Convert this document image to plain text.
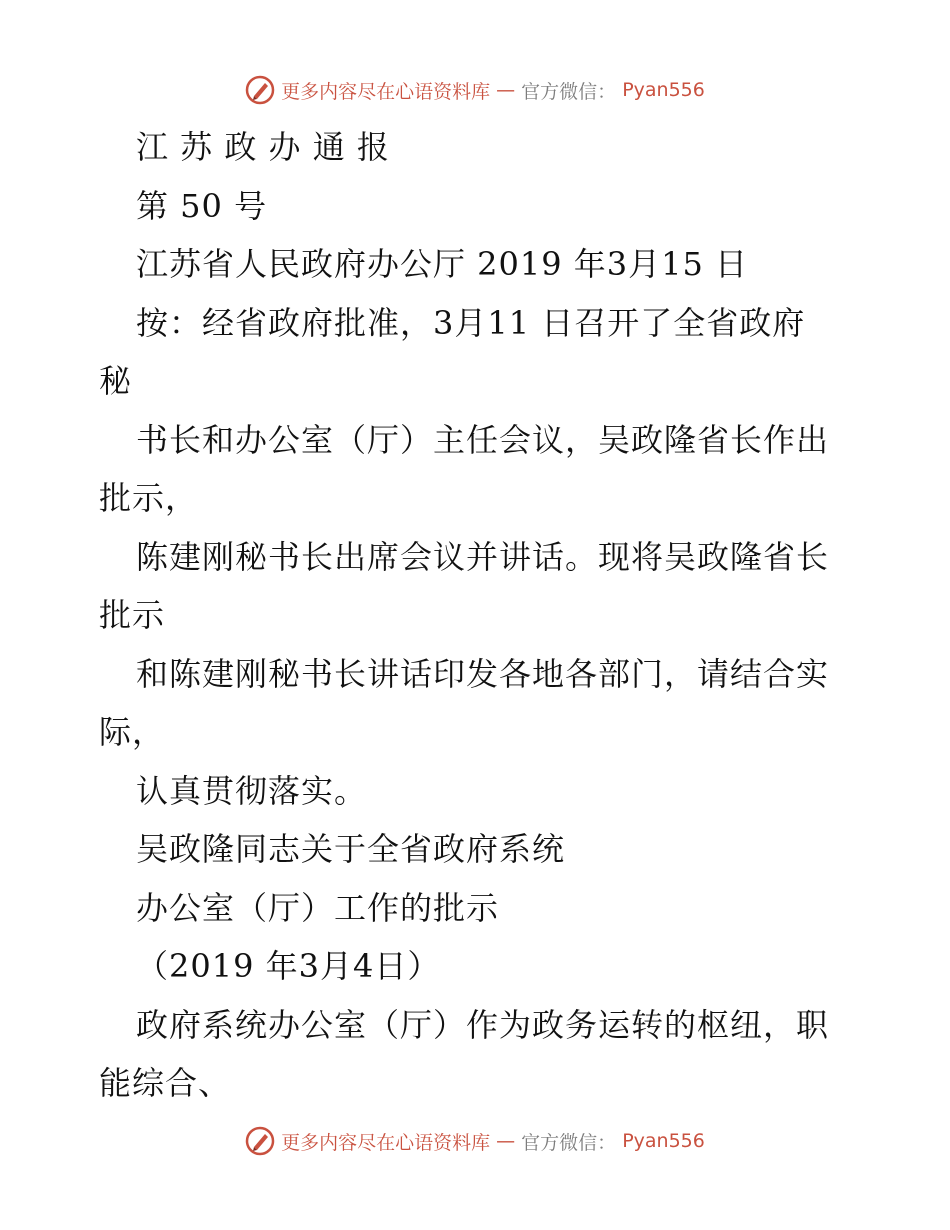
更多内容尽在心语资料库 — 官方微信： Pyan556
江 苏 政 办 通 报
第 50 号
江苏省人民政府办公厅 2019 年3月15 日
按：经省政府批准，3月11 日召开了全省政府
秘
书长和办公室（厅）主任会议，吴政隆省长作出
批示，
陈建刚秘书长出席会议并讲话。现将吴政隆省长
批示
和陈建刚秘书长讲话印发各地各部门，请结合实
际，
认真贯彻落实。
吴政隆同志关于全省政府系统
办公室（厅）工作的批示
（2019 年3月4日）
政府系统办公室（厅）作为政务运转的枢纽，职
能综合、
更多内容尽在心语资料库 — 官方微信： Pyan556
